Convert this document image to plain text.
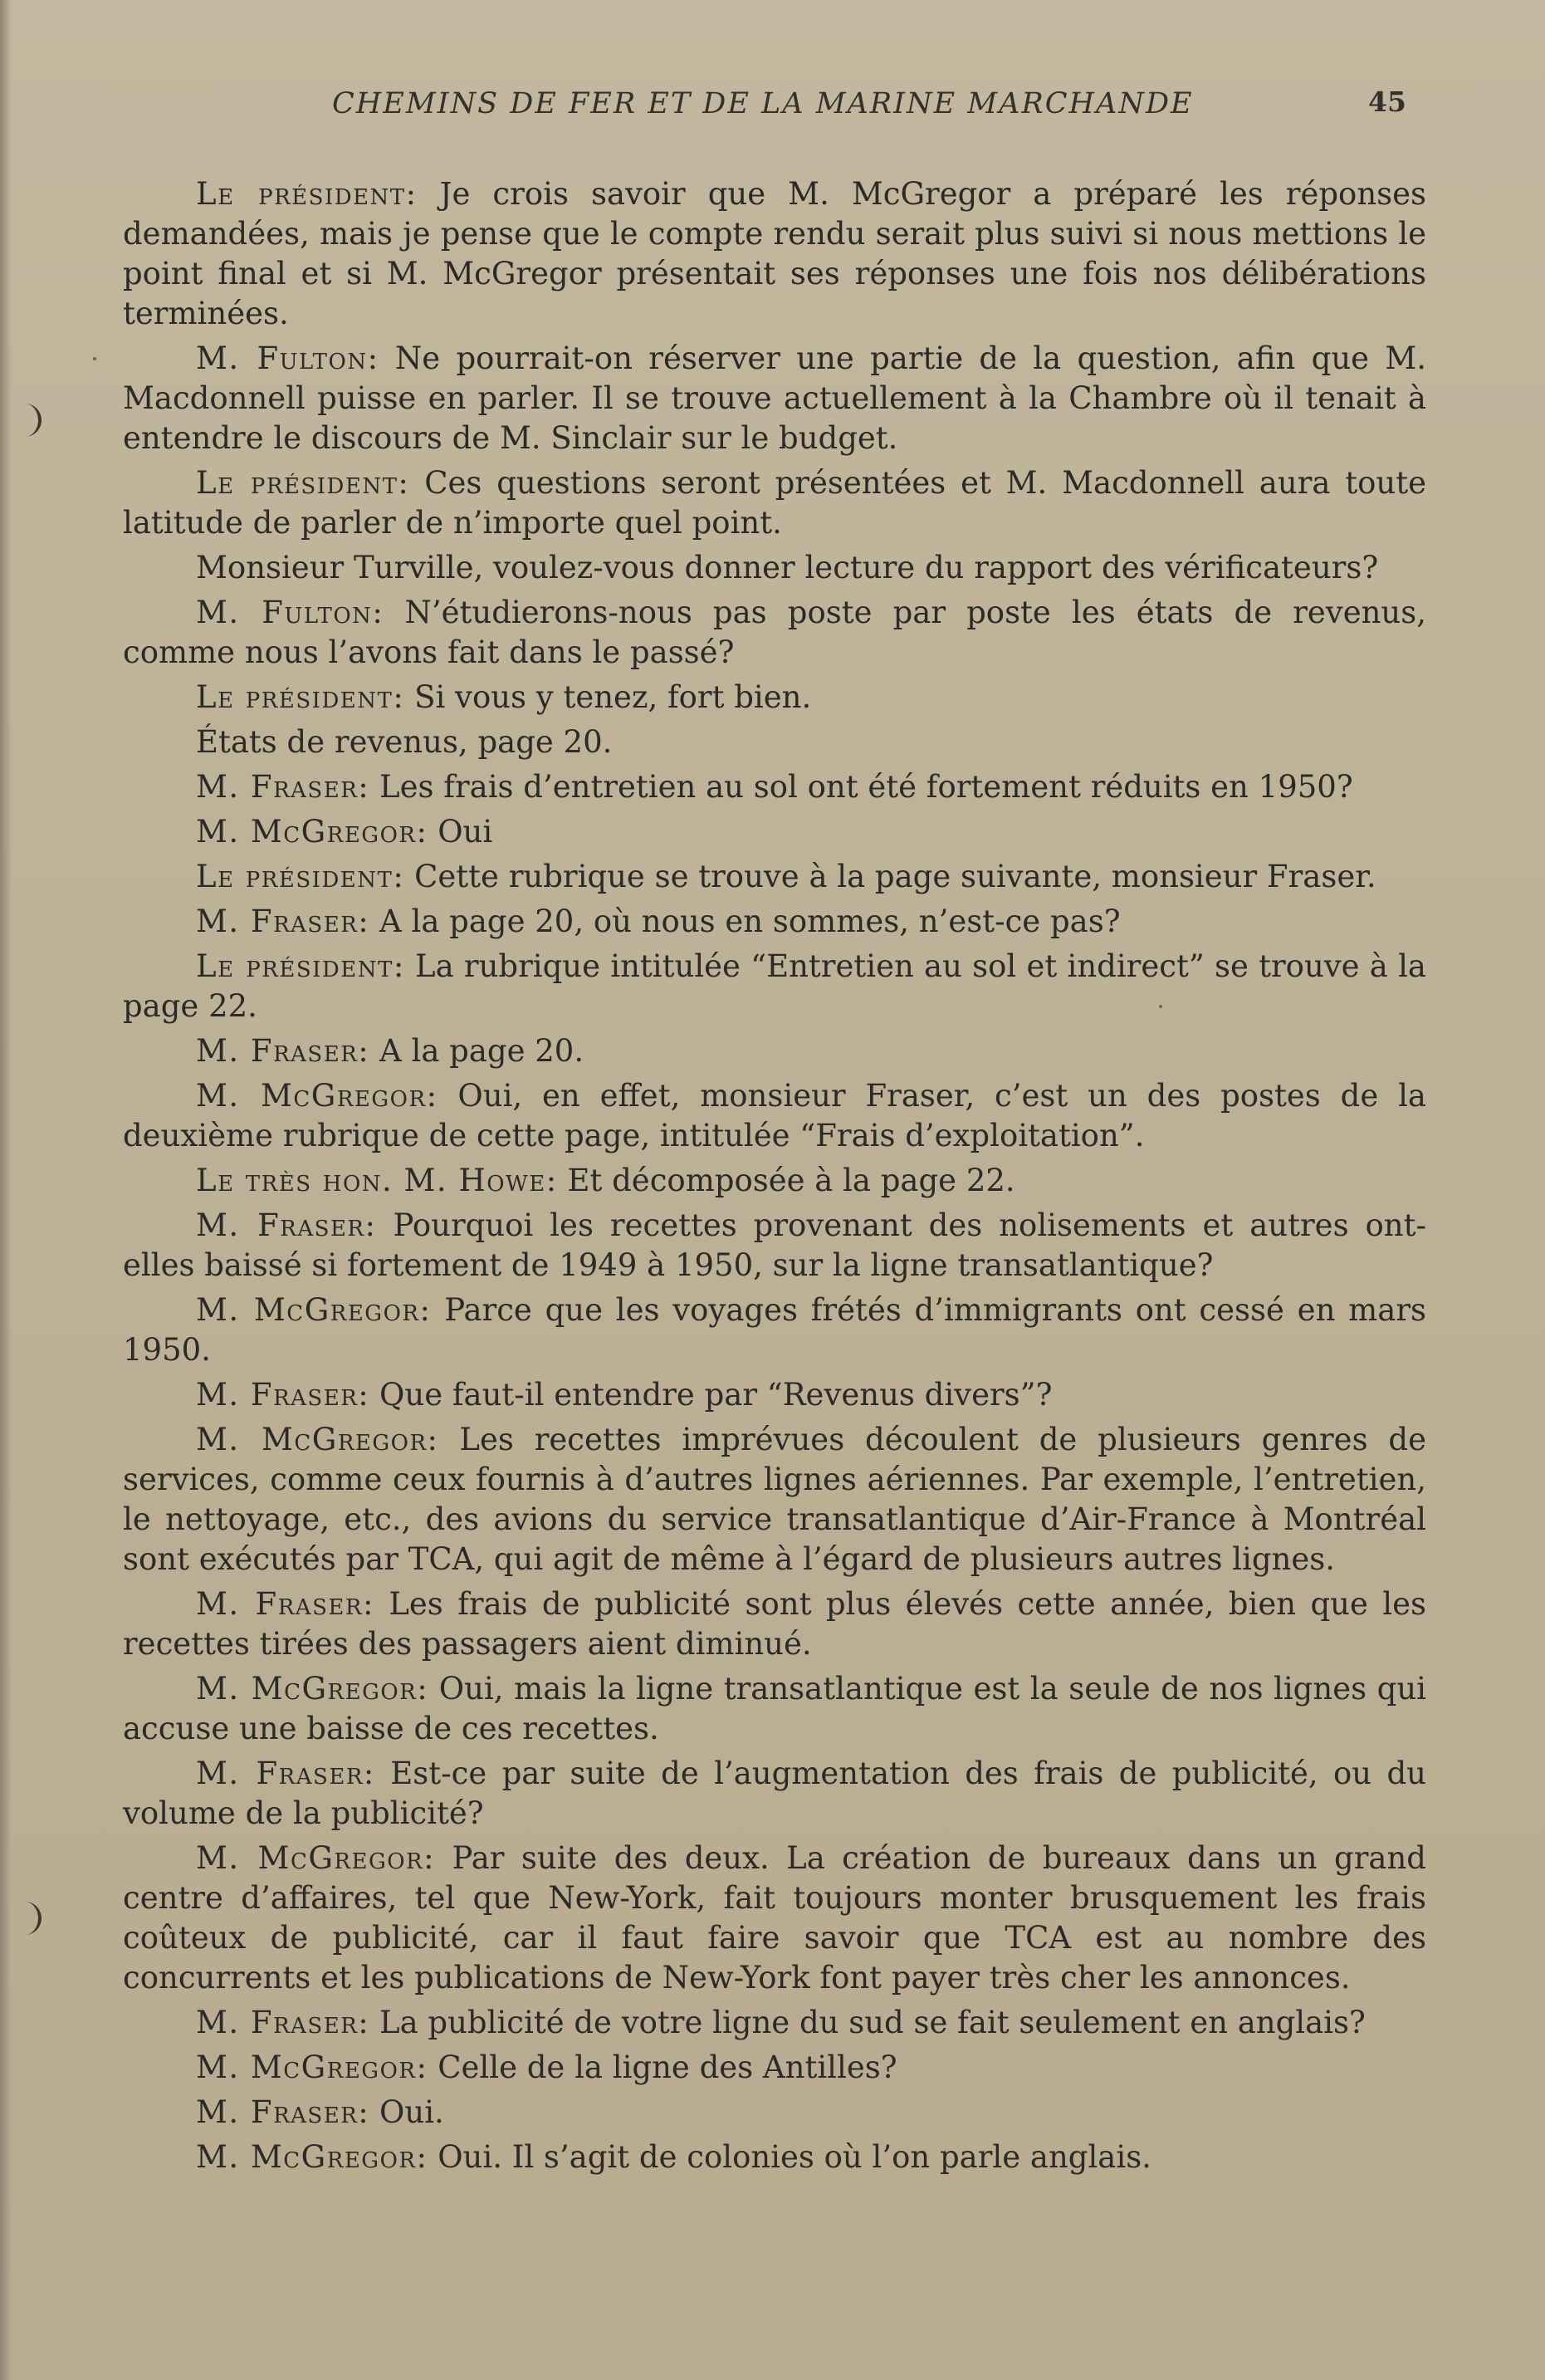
CHEMINS DE FER ET DE LA MARINE MARCHANDE	45

Le président: Je crois savoir que M. McGregor a préparé les réponses demandées, mais je pense que le compte rendu serait plus suivi si nous mettions le point final et si M. McGregor présentait ses réponses une fois nos délibérations terminées.

M. Fulton: Ne pourrait-on réserver une partie de la question, afin que M. Macdonnell puisse en parler. Il se trouve actuellement à la Chambre où il tenait à entendre le discours de M. Sinclair sur le budget.

Le président: Ces questions seront présentées et M. Macdonnell aura toute latitude de parler de n’importe quel point.

Monsieur Turville, voulez-vous donner lecture du rapport des vérificateurs?

M. Fulton: N’étudierons-nous pas poste par poste les états de revenus, comme nous l’avons fait dans le passé?

Le président: Si vous y tenez, fort bien.

États de revenus, page 20.

M. Fraser: Les frais d’entretien au sol ont été fortement réduits en 1950?

M. McGregor: Oui

Le président: Cette rubrique se trouve à la page suivante, monsieur Fraser.

M. Fraser: A la page 20, où nous en sommes, n’est-ce pas?

Le président: La rubrique intitulée “Entretien au sol et indirect” se trouve à la page 22.

M. Fraser: A la page 20.

M. McGregor: Oui, en effet, monsieur Fraser, c’est un des postes de la deuxième rubrique de cette page, intitulée “Frais d’exploitation”.

Le très hon. M. Howe: Et décomposée à la page 22.

M. Fraser: Pourquoi les recettes provenant des nolisements et autres ont-elles baissé si fortement de 1949 à 1950, sur la ligne transatlantique?

M. McGregor: Parce que les voyages frétés d’immigrants ont cessé en mars 1950.

M. Fraser: Que faut-il entendre par “Revenus divers”?

M. McGregor: Les recettes imprévues découlent de plusieurs genres de services, comme ceux fournis à d’autres lignes aériennes. Par exemple, l’entretien, le nettoyage, etc., des avions du service transatlantique d’Air-France à Montréal sont exécutés par TCA, qui agit de même à l’égard de plusieurs autres lignes.

M. Fraser: Les frais de publicité sont plus élevés cette année, bien que les recettes tirées des passagers aient diminué.

M. McGregor: Oui, mais la ligne transatlantique est la seule de nos lignes qui accuse une baisse de ces recettes.

M. Fraser: Est-ce par suite de l’augmentation des frais de publicité, ou du volume de la publicité?

M. McGregor: Par suite des deux. La création de bureaux dans un grand centre d’affaires, tel que New-York, fait toujours monter brusquement les frais coûteux de publicité, car il faut faire savoir que TCA est au nombre des concurrents et les publications de New-York font payer très cher les annonces.

M. Fraser: La publicité de votre ligne du sud se fait seulement en anglais?

M. McGregor: Celle de la ligne des Antilles?

M. Fraser: Oui.

M. McGregor: Oui. Il s’agit de colonies où l’on parle anglais.
